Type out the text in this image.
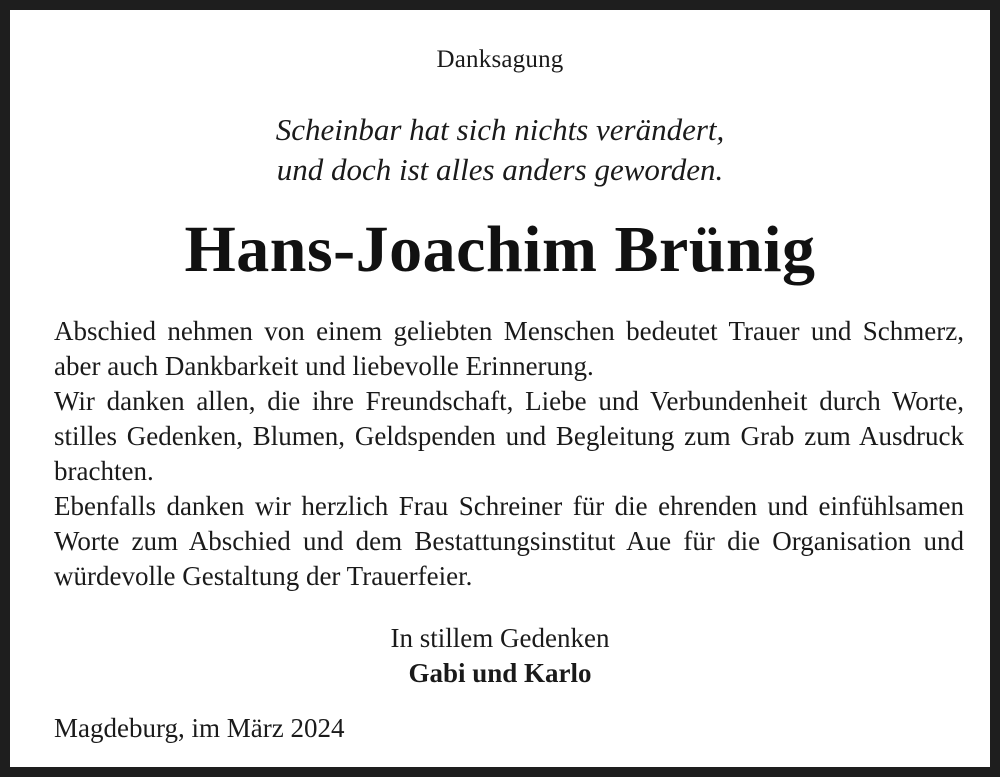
Danksagung
Scheinbar hat sich nichts verändert,
und doch ist alles anders geworden.
Hans-Joachim Brünig

Abschied nehmen von einem geliebten Menschen bedeutet Trauer und Schmerz, aber auch Dankbarkeit und liebevolle Erinnerung.

Wir danken allen, die ihre Freundschaft, Liebe und Verbundenheit durch Worte, stilles Gedenken, Blumen, Geldspenden und Begleitung zum Grab zum Ausdruck brachten.

Ebenfalls danken wir herzlich Frau Schreiner für die ehrenden und einfühlsamen Worte zum Abschied und dem Bestattungsinstitut Aue für die Organisation und würdevolle Gestaltung der Trauerfeier.

In stillem Gedenken
Gabi und Karlo
Magdeburg, im März 2024
